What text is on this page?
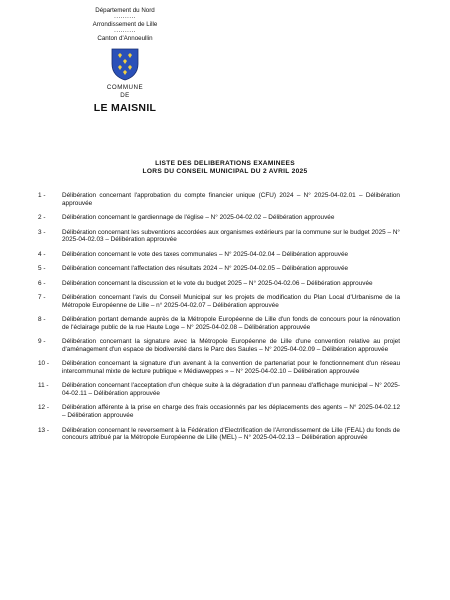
Département du Nord
..........
Arrondissement de Lille
..........
Canton d'Annoeullin
COMMUNE
DE
LE MAISNIL
LISTE DES DELIBERATIONS EXAMINEES
LORS DU CONSEIL MUNICIPAL DU 2 AVRIL 2025
1 -	Délibération concernant l'approbation du compte financier unique (CFU) 2024 – N° 2025-04-02.01 – Délibération approuvée
2 -	Délibération concernant le gardiennage de l'église – N° 2025-04-02.02 – Délibération approuvée
3 -	Délibération concernant les subventions accordées aux organismes extérieurs par la commune sur le budget 2025 – N° 2025-04-02.03 – Délibération approuvée
4 -	Délibération concernant le vote des taxes communales – N° 2025-04-02.04 – Délibération approuvée
5 -	Délibération concernant l'affectation des résultats 2024 – N° 2025-04-02.05 – Délibération approuvée
6 -	Délibération concernant la discussion et le vote du budget 2025 – N° 2025-04-02.06 – Délibération approuvée
7 -	Délibération concernant l'avis du Conseil Municipal sur les projets de modification du Plan Local d'Urbanisme de la Métropole Européenne de Lille – n° 2025-04-02.07 – Délibération approuvée
8 -	Délibération portant demande auprès de la Métropole Européenne de Lille d'un fonds de concours pour la rénovation de l'éclairage public de la rue Haute Loge – N° 2025-04-02.08 – Délibération approuvée
9 -	Délibération concernant la signature avec la Métropole Européenne de Lille d'une convention relative au projet d'aménagement d'un espace de biodiversité dans le Parc des Saules – N° 2025-04-02.09 – Délibération approuvée
10 -	Délibération concernant la signature d'un avenant à la convention de partenariat pour le fonctionnement d'un réseau intercommunal mixte de lecture publique « Médiaweppes » – N° 2025-04-02.10 – Délibération approuvée
11 -	Délibération concernant l'acceptation d'un chèque suite à la dégradation d'un panneau d'affichage municipal – N° 2025-04-02.11 – Délibération approuvée
12 -	Délibération afférente à la prise en charge des frais occasionnés par les déplacements des agents – N° 2025-04-02.12 – Délibération approuvée
13 -	Délibération concernant le reversement à la Fédération d'Electrification de l'Arrondissement de Lille (FEAL) du fonds de concours attribué par la Métropole Européenne de Lille (MEL) – N° 2025-04-02.13 – Délibération approuvée
